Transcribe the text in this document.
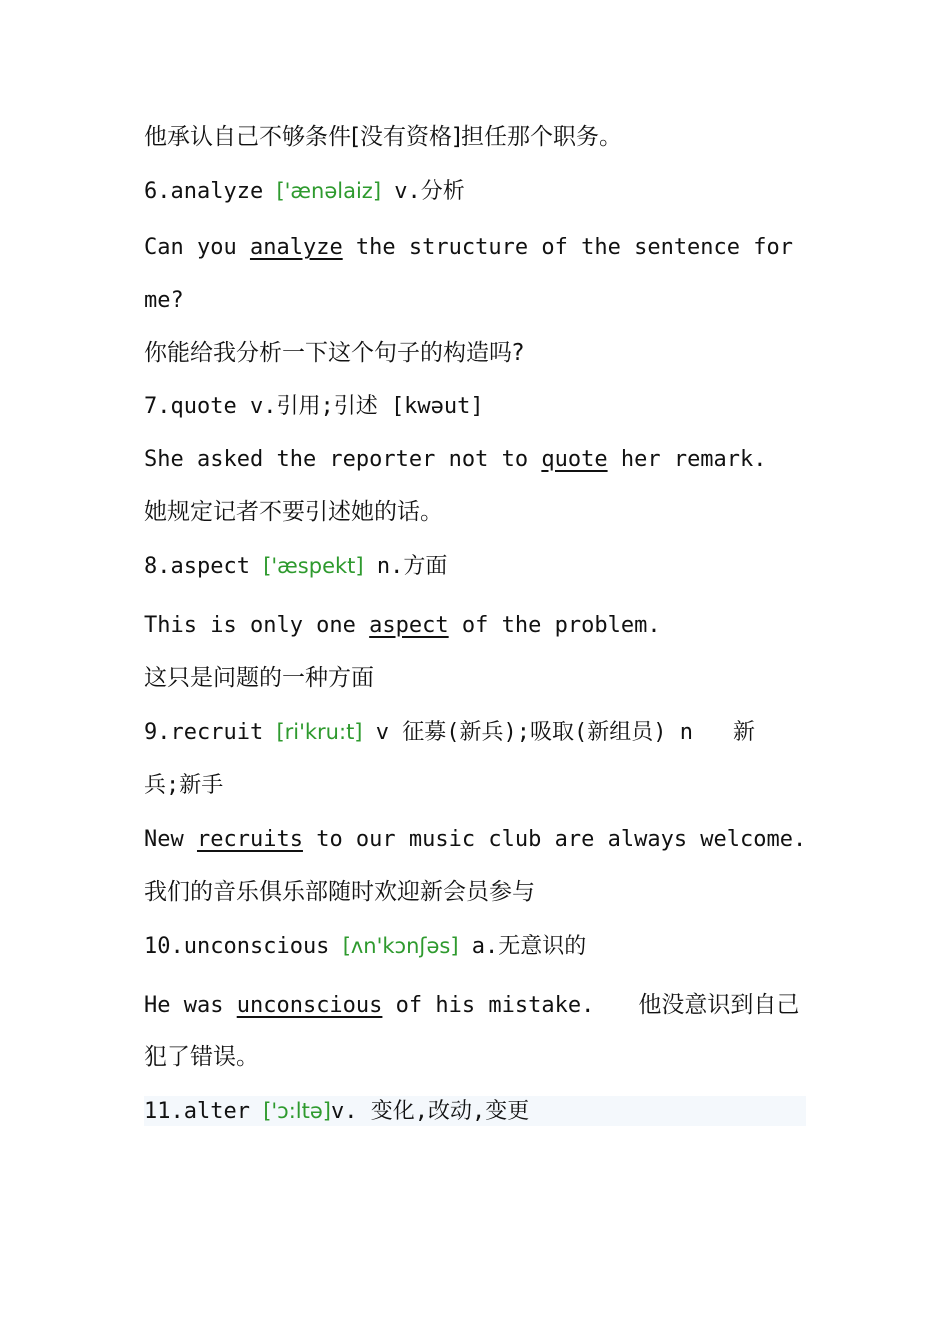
他承认自己不够条件[没有资格]担任那个职务。
6.analyze ['ænəlaiz] v.分析
Can you analyze the structure of the sentence for
me?
你能给我分析一下这个句子的构造吗?
7.quote v.引用;引述 [kwəut]
She asked the reporter not to quote her remark.
她规定记者不要引述她的话。
8.aspect ['æspekt] n.方面
This is only one aspect of the problem.
这只是问题的一种方面
9.recruit [ri'kru:t] v 征募(新兵);吸取(新组员) n 新
兵;新手
New recruits to our music club are always welcome.
我们的音乐俱乐部随时欢迎新会员参与
10.unconscious [ʌn'kɔnʃəs] a.无意识的
He was unconscious of his mistake. 他没意识到自己
犯了错误。
11.alter ['ɔ:ltə]v. 变化,改动,变更
